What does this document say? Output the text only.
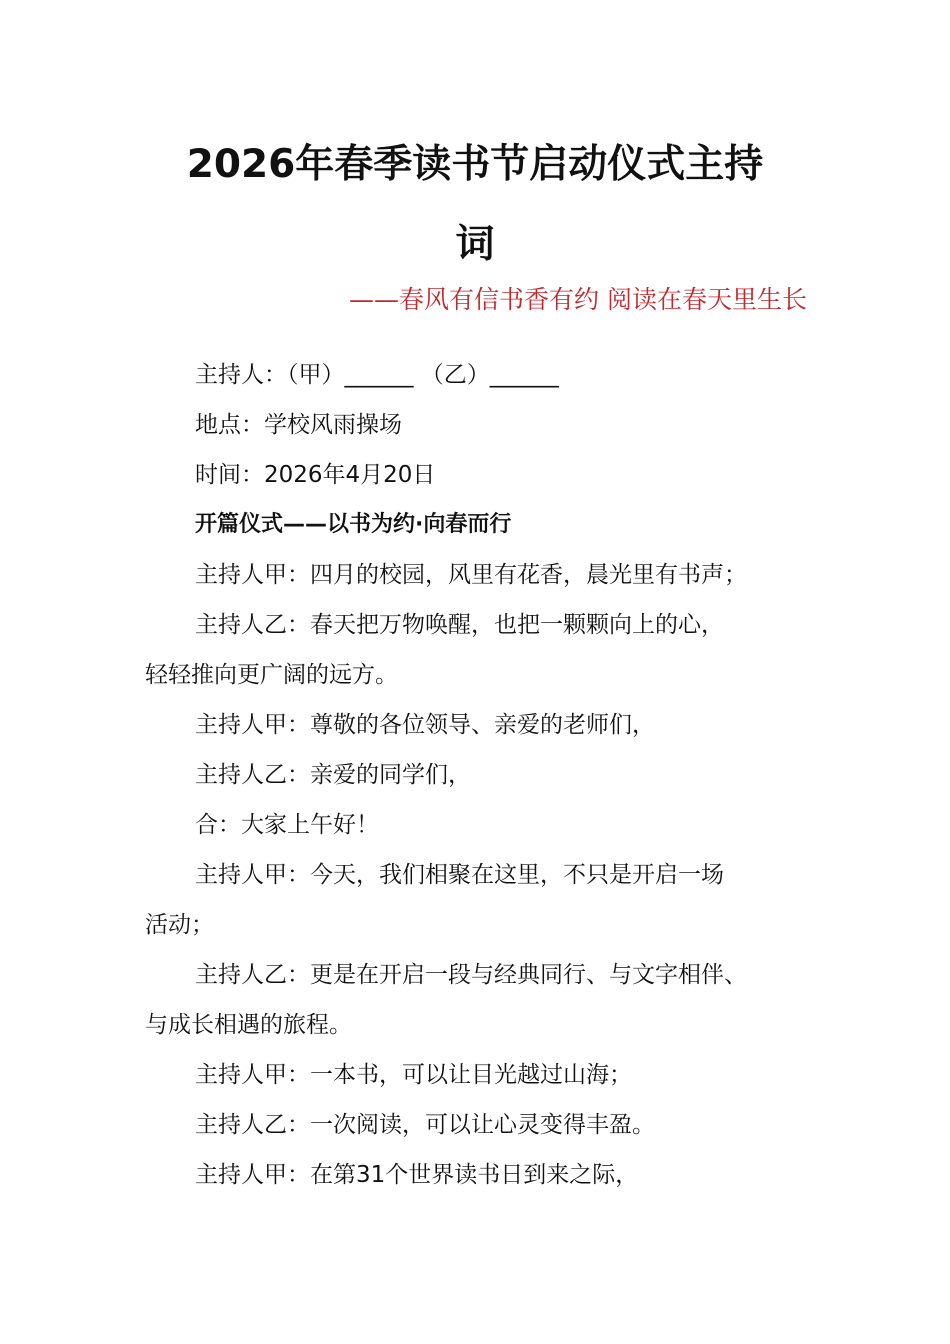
2026年春季读书节启动仪式主持
词
——春风有信书香有约 阅读在春天里生长

主持人：（甲）______ （乙）______

地点：学校风雨操场

时间：2026年4月20日

开篇仪式——以书为约·向春而行

主持人甲：四月的校园，风里有花香，晨光里有书声；

主持人乙：春天把万物唤醒，也把一颗颗向上的心，
轻轻推向更广阔的远方。

主持人甲：尊敬的各位领导、亲爱的老师们，

主持人乙：亲爱的同学们，

合：大家上午好！

主持人甲：今天，我们相聚在这里，不只是开启一场
活动；

主持人乙：更是在开启一段与经典同行、与文字相伴、
与成长相遇的旅程。

主持人甲：一本书，可以让目光越过山海；

主持人乙：一次阅读，可以让心灵变得丰盈。

主持人甲：在第31个世界读书日到来之际，
